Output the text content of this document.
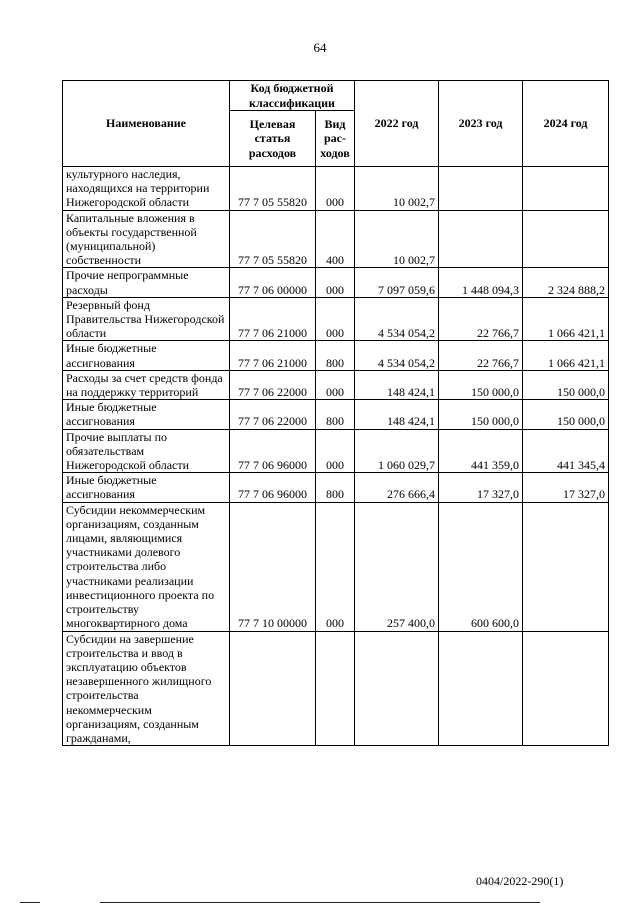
64
Наименование	Код бюджетной классификации		2022 год	2023 год	2024 год
	Целевая статья расходов	Вид рас-ходов			
культурного наследия, находящихся на территории Нижегородской области	77 7 05 55820	000	10 002,7		
Капитальные вложения в объекты государственной (муниципальной) собственности	77 7 05 55820	400	10 002,7		
Прочие непрограммные расходы	77 7 06 00000	000	7 097 059,6	1 448 094,3	2 324 888,2
Резервный фонд Правительства Нижегородской области	77 7 06 21000	000	4 534 054,2	22 766,7	1 066 421,1
Иные бюджетные ассигнования	77 7 06 21000	800	4 534 054,2	22 766,7	1 066 421,1
Расходы за счет средств фонда на поддержку территорий	77 7 06 22000	000	148 424,1	150 000,0	150 000,0
Иные бюджетные ассигнования	77 7 06 22000	800	148 424,1	150 000,0	150 000,0
Прочие выплаты по обязательствам Нижегородской области	77 7 06 96000	000	1 060 029,7	441 359,0	441 345,4
Иные бюджетные ассигнования	77 7 06 96000	800	276 666,4	17 327,0	17 327,0
Субсидии некоммерческим организациям, созданным лицами, являющимися участниками долевого строительства либо участниками реализации инвестиционного проекта по строительству многоквартирного дома	77 7 10 00000	000	257 400,0	600 600,0	
Субсидии на завершение строительства и ввод в эксплуатацию объектов незавершенного жилищного строительства некоммерческим организациям, созданным гражданами,					
0404/2022-290(1)
